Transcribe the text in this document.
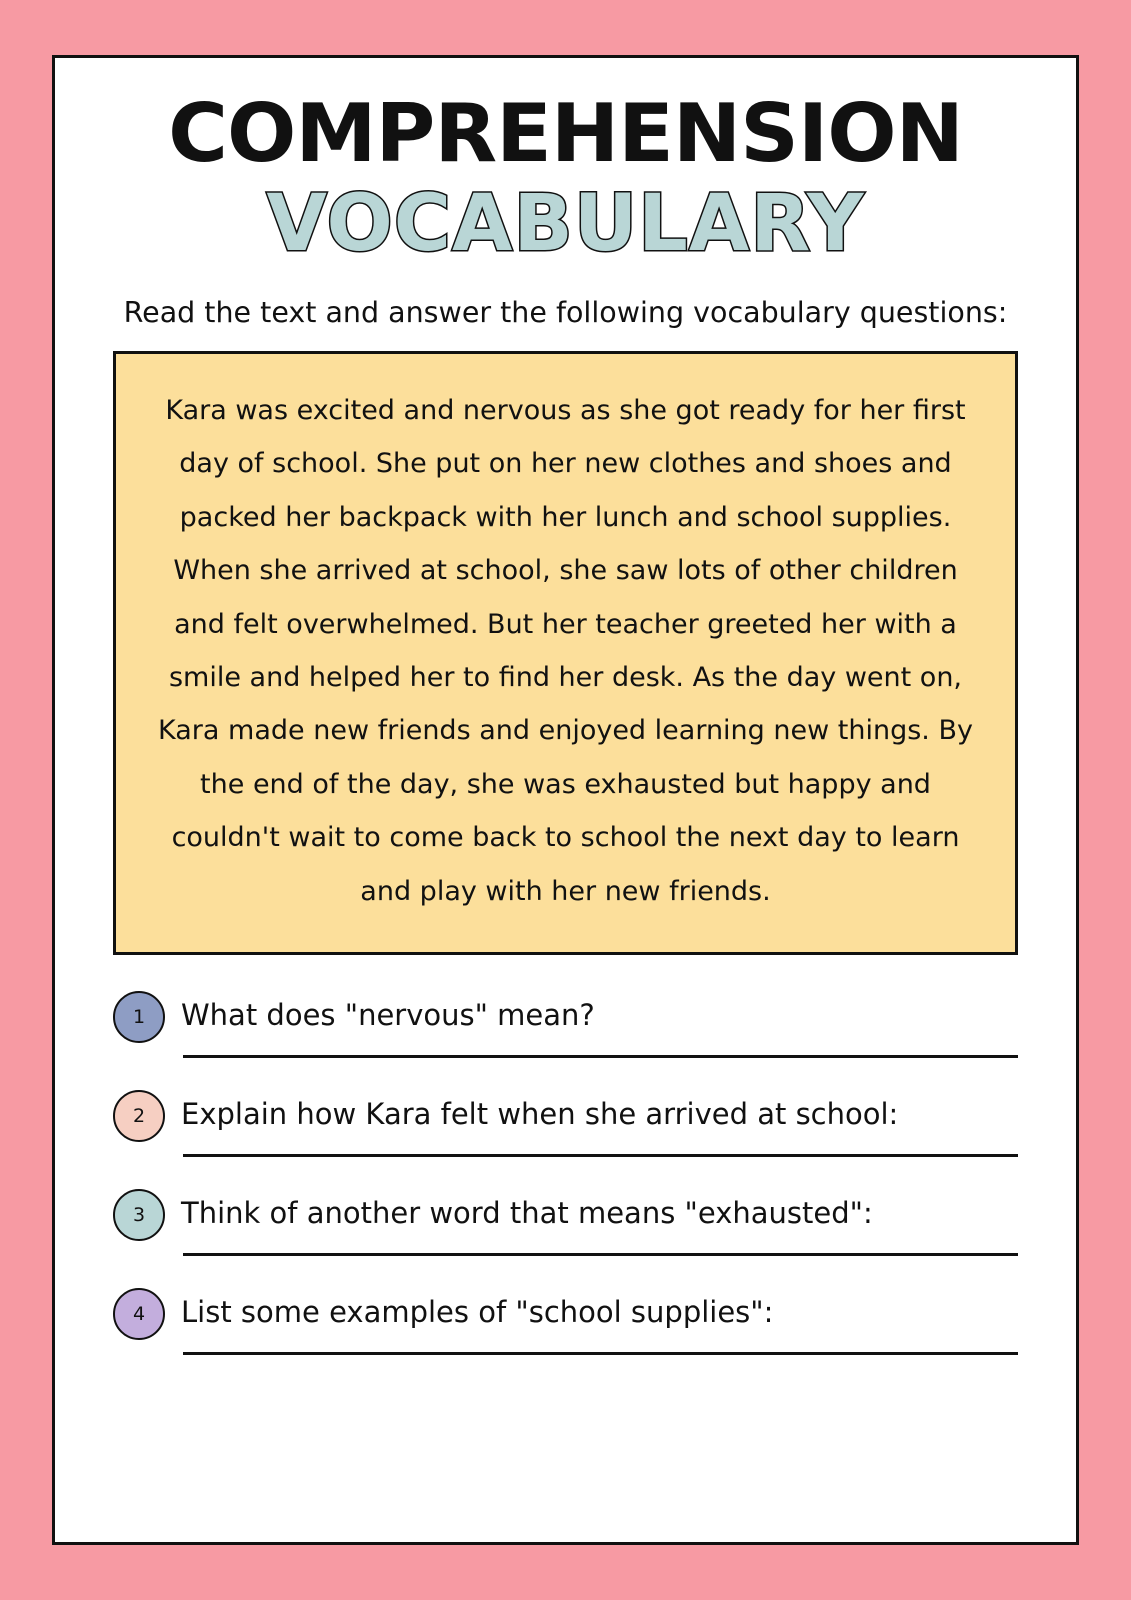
COMPREHENSION
VOCABULARY

Read the text and answer the following vocabulary questions:

Kara was excited and nervous as she got ready for her first day of school. She put on her new clothes and shoes and packed her backpack with her lunch and school supplies. When she arrived at school, she saw lots of other children and felt overwhelmed. But her teacher greeted her with a smile and helped her to find her desk. As the day went on, Kara made new friends and enjoyed learning new things. By the end of the day, she was exhausted but happy and couldn't wait to come back to school the next day to learn and play with her new friends.

1	What does "nervous" mean?
2	Explain how Kara felt when she arrived at school:
3	Think of another word that means "exhausted":
4	List some examples of "school supplies":
